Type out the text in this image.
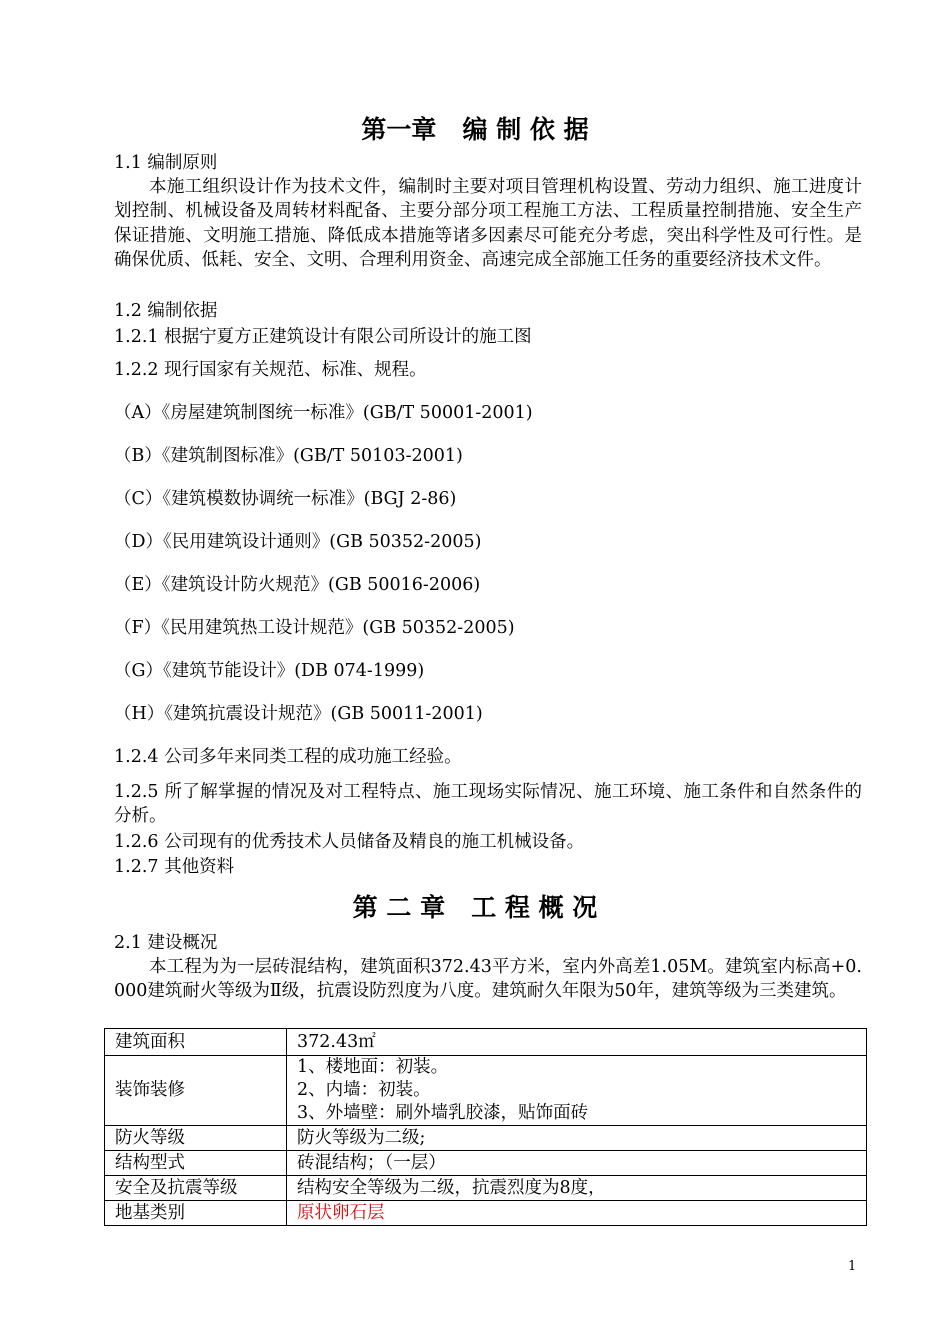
第一章   编 制 依 据
1.1 编制原则
本施工组织设计作为技术文件，编制时主要对项目管理机构设置、劳动力组织、施工进度计划控制、机械设备及周转材料配备、主要分部分项工程施工方法、工程质量控制措施、安全生产保证措施、文明施工措施、降低成本措施等诸多因素尽可能充分考虑，突出科学性及可行性。是确保优质、低耗、安全、文明、合理利用资金、高速完成全部施工任务的重要经济技术文件。
1.2 编制依据
1.2.1 根据宁夏方正建筑设计有限公司所设计的施工图
1.2.2 现行国家有关规范、标准、规程。
（A）《房屋建筑制图统一标准》(GB/T 50001-2001)
（B）《建筑制图标准》(GB/T 50103-2001)
（C）《建筑模数协调统一标准》(BGJ 2-86)
（D）《民用建筑设计通则》(GB 50352-2005)
（E）《建筑设计防火规范》(GB 50016-2006)
（F）《民用建筑热工设计规范》(GB 50352-2005)
（G）《建筑节能设计》(DB 074-1999)
（H）《建筑抗震设计规范》(GB 50011-2001)
1.2.4 公司多年来同类工程的成功施工经验。
1.2.5 所了解掌握的情况及对工程特点、施工现场实际情况、施工环境、施工条件和自然条件的分析。
1.2.6 公司现有的优秀技术人员储备及精良的施工机械设备。
1.2.7 其他资料
第 二 章   工 程 概 况
2.1 建设概况
本工程为为一层砖混结构，建筑面积372.43平方米，室内外高差1.05M。建筑室内标高+0.000建筑耐火等级为Ⅱ级，抗震设防烈度为八度。建筑耐久年限为50年，建筑等级为三类建筑。
建筑面积	372.43㎡
装饰装修	1、楼地面：初装。
2、内墙：初装。
3、外墙壁：刷外墙乳胶漆，贴饰面砖

防火等级	防火等级为二级;
结构型式	砖混结构；（一层）
安全及抗震等级	结构安全等级为二级，抗震烈度为8度，
地基类别	原状卵石层
1
